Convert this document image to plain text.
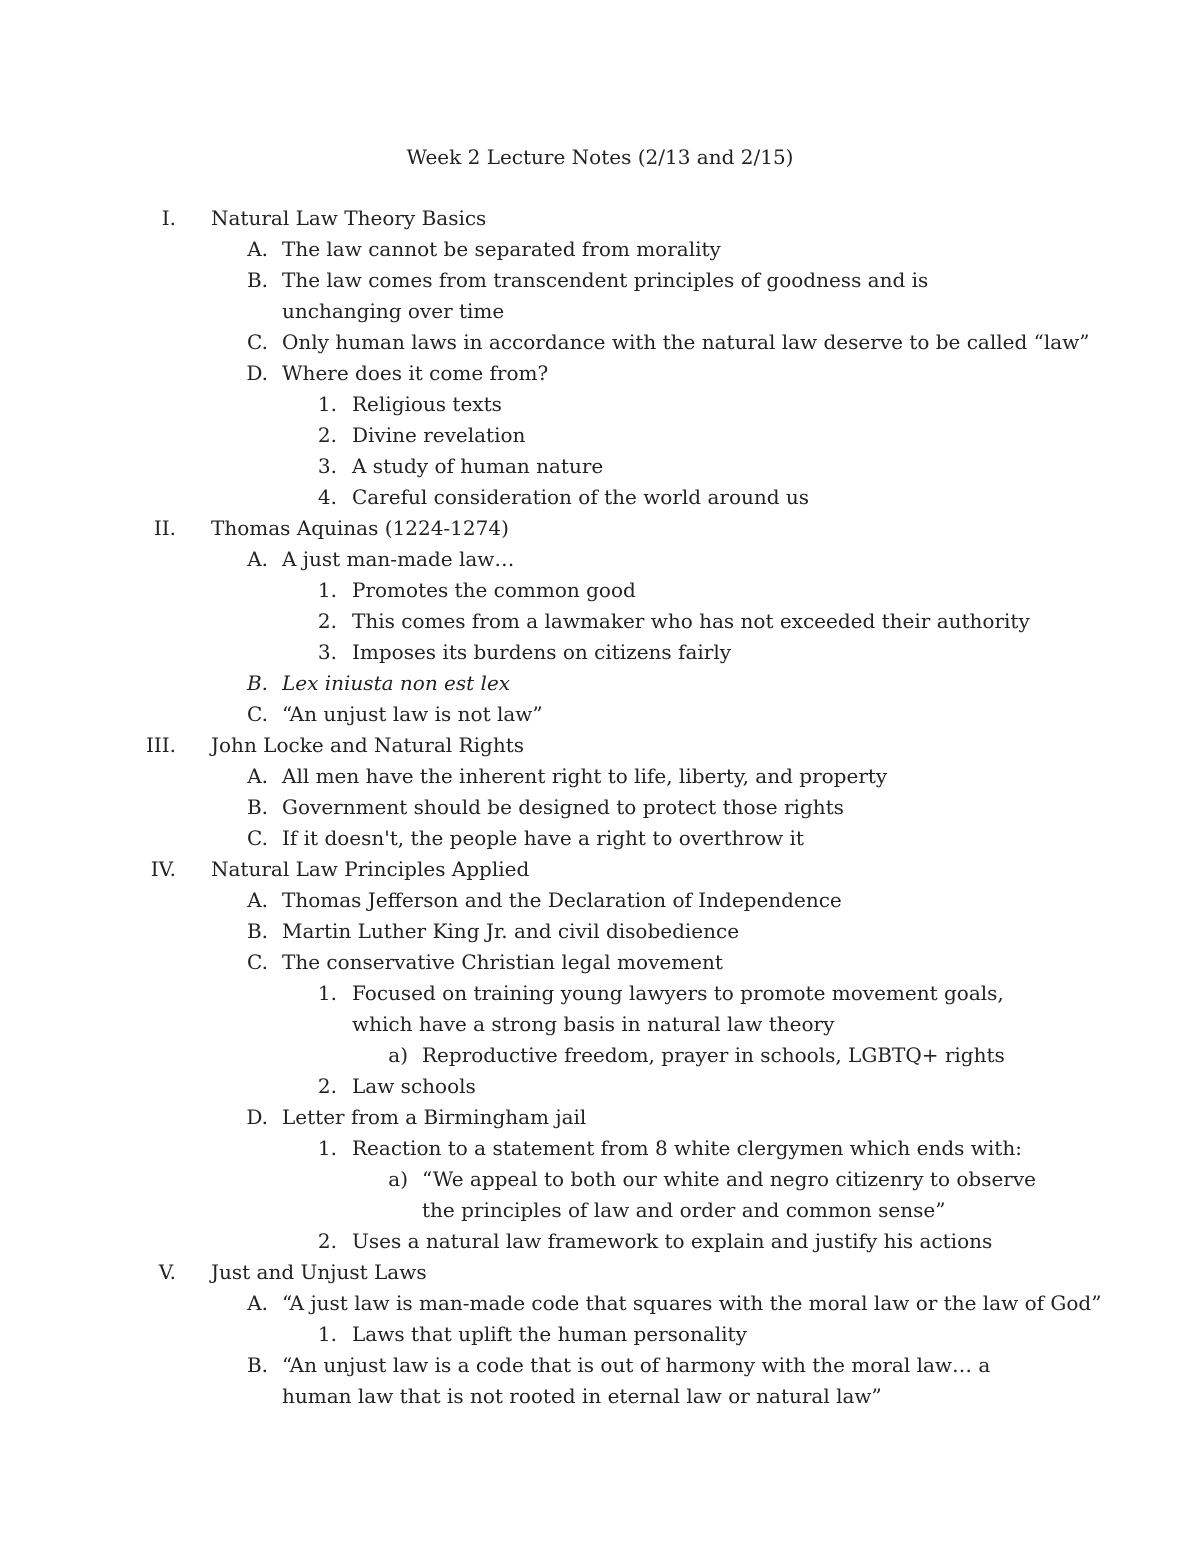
Week 2 Lecture Notes (2/13 and 2/15)
I. Natural Law Theory Basics
A. The law cannot be separated from morality
B. The law comes from transcendent principles of goodness and is unchanging over time
C. Only human laws in accordance with the natural law deserve to be called “law”
D. Where does it come from?
1. Religious texts
2. Divine revelation
3. A study of human nature
4. Careful consideration of the world around us
II. Thomas Aquinas (1224-1274)
A. A just man-made law…
1. Promotes the common good
2. This comes from a lawmaker who has not exceeded their authority
3. Imposes its burdens on citizens fairly
B. Lex iniusta non est lex
C. “An unjust law is not law”
III. John Locke and Natural Rights
A. All men have the inherent right to life, liberty, and property
B. Government should be designed to protect those rights
C. If it doesn't, the people have a right to overthrow it
IV. Natural Law Principles Applied
A. Thomas Jefferson and the Declaration of Independence
B. Martin Luther King Jr. and civil disobedience
C. The conservative Christian legal movement
1. Focused on training young lawyers to promote movement goals, which have a strong basis in natural law theory
a) Reproductive freedom, prayer in schools, LGBTQ+ rights
2. Law schools
D. Letter from a Birmingham jail
1. Reaction to a statement from 8 white clergymen which ends with:
a) “We appeal to both our white and negro citizenry to observe the principles of law and order and common sense”
2. Uses a natural law framework to explain and justify his actions
V. Just and Unjust Laws
A. “A just law is man-made code that squares with the moral law or the law of God”
1. Laws that uplift the human personality
B. “An unjust law is a code that is out of harmony with the moral law… a human law that is not rooted in eternal law or natural law”
